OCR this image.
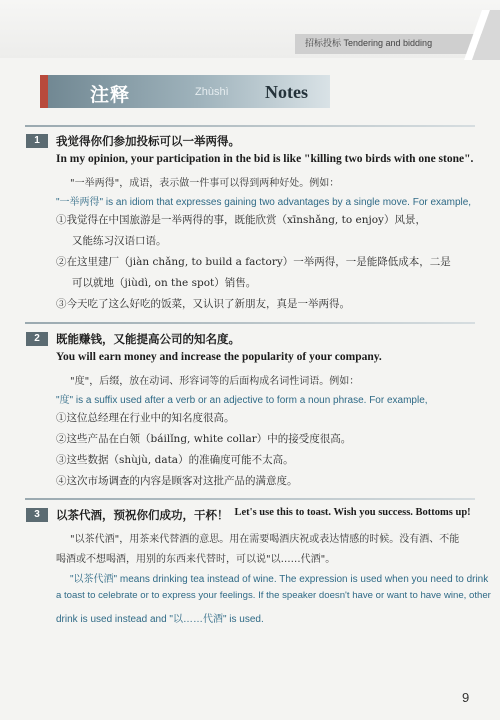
招标投标 Tendering and bidding
注释	Zhùshì Notes
1	我觉得你们参加投标可以一举两得。
In my opinion, your participation in the bid is like "killing two birds with one stone".
"一举两得"，成语，表示做一件事可以得到两种好处。例如：
"一举两得" is an idiom that expresses gaining two advantages by a single move. For example,
①我觉得在中国旅游是一举两得的事，既能欣赏（xīnshǎng, to enjoy）风景，
又能练习汉语口语。
②在这里建厂（jiàn chǎng, to build a factory）一举两得，一是能降低成本，二是
可以就地（jiùdì, on the spot）销售。
③今天吃了这么好吃的饭菜，又认识了新朋友，真是一举两得。
2	既能赚钱，又能提高公司的知名度。
You will earn money and increase the popularity of your company.
"度"，后缀，放在动词、形容词等的后面构成名词性词语。例如：
"度" is a suffix used after a verb or an adjective to form a noun phrase. For example,
①这位总经理在行业中的知名度很高。
②这些产品在白领（báilǐng, white collar）中的接受度很高。
③这些数据（shùjù, data）的准确度可能不太高。
④这次市场调查的内容是顾客对这批产品的满意度。
3	以茶代酒，预祝你们成功，干杯！ Let's use this to toast. Wish you success. Bottoms up!
"以茶代酒"，用茶来代替酒的意思。用在需要喝酒庆祝或表达情感的时候。没有酒、不能
喝酒或不想喝酒，用别的东西来代替时，可以说"以……代酒"。
"以茶代酒" means drinking tea instead of wine. The expression is used when you need to drink
a toast to celebrate or to express your feelings. If the speaker doesn't have or want to have wine, other
drink is used instead and "以……代酒" is used.
9
